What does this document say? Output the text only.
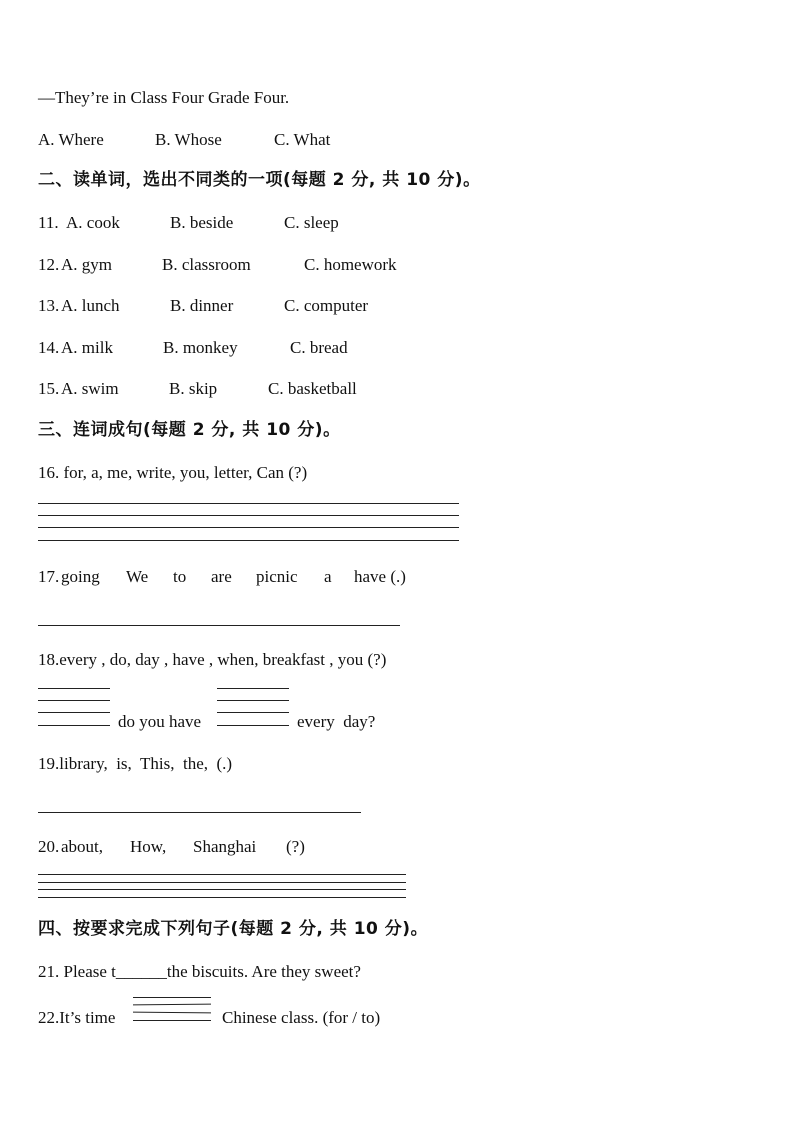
—They’re in Class Four Grade Four.
A. Where	B. Whose	C. What
二、读单词，选出不同类的一项(每题 2 分, 共 10 分)。
11. A. cook	B. beside	C. sleep
12. A. gym	B. classroom	C. homework
13. A. lunch	B. dinner	C. computer
14. A. milk	B. monkey	C. bread
15. A. swim	B. skip	C. basketball
三、连词成句(每题 2 分, 共 10 分)。
16. for, a, me, write, you, letter, Can (?)
17. going We to are picnic a have (.)
18.every , do, day , have , when, breakfast , you (?)
do you have	every  day?
19.library,  is,  This,  the,  (.)
20. about, How, Shanghai (?)
四、按要求完成下列句子(每题 2 分, 共 10 分)。
21. Please t______the biscuits. Are they sweet?
22.It’s time	Chinese class. (for / to)
